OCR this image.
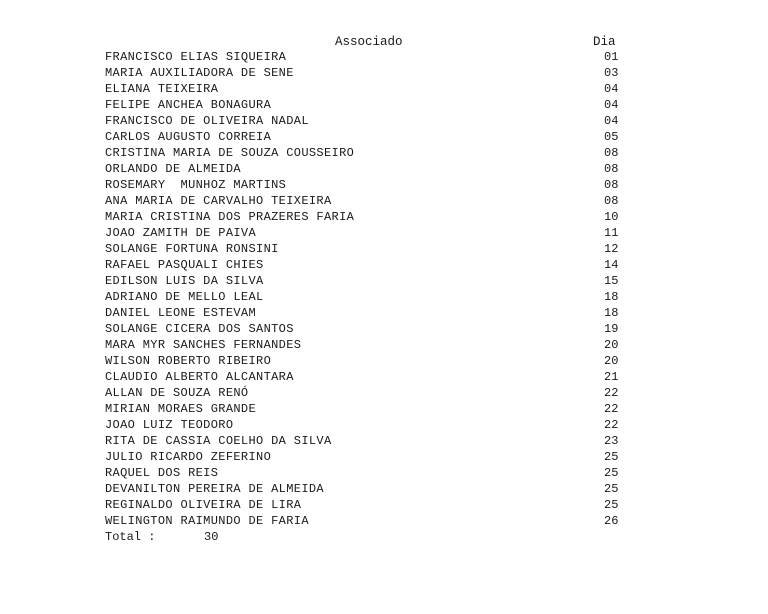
Associado	Dia
FRANCISCO ELIAS SIQUEIRA	01
MARIA AUXILIADORA DE SENE	03
ELIANA TEIXEIRA	04
FELIPE ANCHEA BONAGURA	04
FRANCISCO DE OLIVEIRA NADAL	04
CARLOS AUGUSTO CORREIA	05
CRISTINA MARIA DE SOUZA COUSSEIRO	08
ORLANDO DE ALMEIDA	08
ROSEMARY  MUNHOZ MARTINS	08
ANA MARIA DE CARVALHO TEIXEIRA	08
MARIA CRISTINA DOS PRAZERES FARIA	10
JOAO ZAMITH DE PAIVA	11
SOLANGE FORTUNA RONSINI	12
RAFAEL PASQUALI CHIES	14
EDILSON LUIS DA SILVA	15
ADRIANO DE MELLO LEAL	18
DANIEL LEONE ESTEVAM	18
SOLANGE CICERA DOS SANTOS	19
MARA MYR SANCHES FERNANDES	20
WILSON ROBERTO RIBEIRO	20
CLAUDIO ALBERTO ALCANTARA	21
ALLAN DE SOUZA RENÓ	22
MIRIAN MORAES GRANDE	22
JOAO LUIZ TEODORO	22
RITA DE CASSIA COELHO DA SILVA	23
JULIO RICARDO ZEFERINO	25
RAQUEL DOS REIS	25
DEVANILTON PEREIRA DE ALMEIDA	25
REGINALDO OLIVEIRA DE LIRA	25
WELINGTON RAIMUNDO DE FARIA	26
Total :	30
